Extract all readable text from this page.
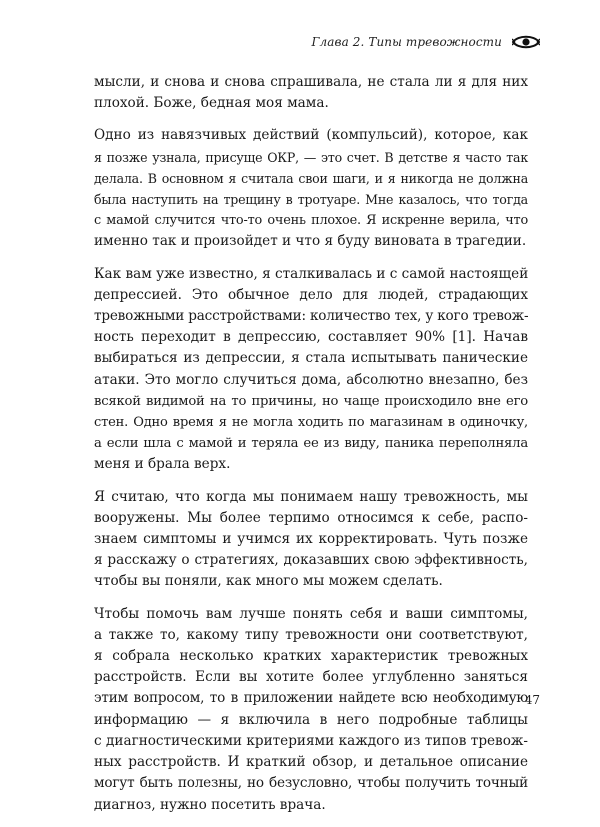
Глава 2. Типы тревожности

мысли, и снова и снова спрашивала, не стала ли я для них
плохой. Боже, бедная моя мама.

Одно из навязчивых действий (компульсий), которое, как
я позже узнала, присуще ОКР, — это счет. В детстве я часто так
делала. В основном я считала свои шаги, и я никогда не должна
была наступить на трещину в тротуаре. Мне казалось, что тогда
с мамой случится что-то очень плохое. Я искренне верила, что
именно так и произойдет и что я буду виновата в трагедии.

Как вам уже известно, я сталкивалась и с самой настоящей
депрессией. Это обычное дело для людей, страдающих
тревожными расстройствами: количество тех, у кого тревож-
ность переходит в депрессию, составляет 90% [1]. Начав
выбираться из депрессии, я стала испытывать панические
атаки. Это могло случиться дома, абсолютно внезапно, без
всякой видимой на то причины, но чаще происходило вне его
стен. Одно время я не могла ходить по магазинам в одиночку,
а если шла с мамой и теряла ее из виду, паника переполняла
меня и брала верх.

Я считаю, что когда мы понимаем нашу тревожность, мы
вооружены. Мы более терпимо относимся к себе, распо-
знаем симптомы и учимся их корректировать. Чуть позже
я расскажу о стратегиях, доказавших свою эффективность,
чтобы вы поняли, как много мы можем сделать.

Чтобы помочь вам лучше понять себя и ваши симптомы,
а также то, какому типу тревожности они соответствуют,
я собрала несколько кратких характеристик тревожных
расстройств. Если вы хотите более углубленно заняться
этим вопросом, то в приложении найдете всю необходимую
информацию — я включила в него подробные таблицы
с диагностическими критериями каждого из типов тревож-
ных расстройств. И краткий обзор, и детальное описание
могут быть полезны, но безусловно, чтобы получить точный
диагноз, нужно посетить врача.

47
